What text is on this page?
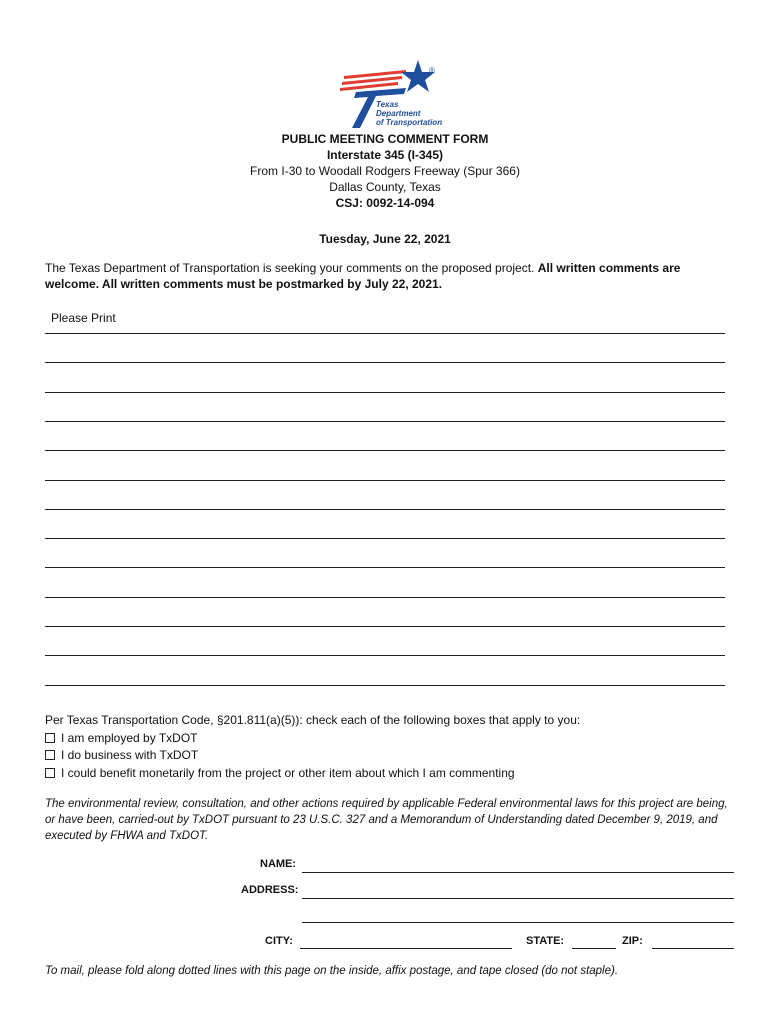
®
Texas
Department
of Transportation
PUBLIC MEETING COMMENT FORM
Interstate 345 (I-345)
From I-30 to Woodall Rodgers Freeway (Spur 366)
Dallas County, Texas
CSJ: 0092-14-094
Tuesday, June 22, 2021
The Texas Department of Transportation is seeking your comments on the proposed project. All written comments are welcome. All written comments must be postmarked by July 22, 2021.
Please Print
Per Texas Transportation Code, §201.811(a)(5)): check each of the following boxes that apply to you:
I am employed by TxDOT
I do business with TxDOT
I could benefit monetarily from the project or other item about which I am commenting
The environmental review, consultation, and other actions required by applicable Federal environmental laws for this project are being, or have been, carried-out by TxDOT pursuant to 23 U.S.C. 327 and a Memorandum of Understanding dated December 9, 2019, and executed by FHWA and TxDOT.
NAME:
ADDRESS:
CITY:	STATE:	ZIP:
To mail, please fold along dotted lines with this page on the inside, affix postage, and tape closed (do not staple).
